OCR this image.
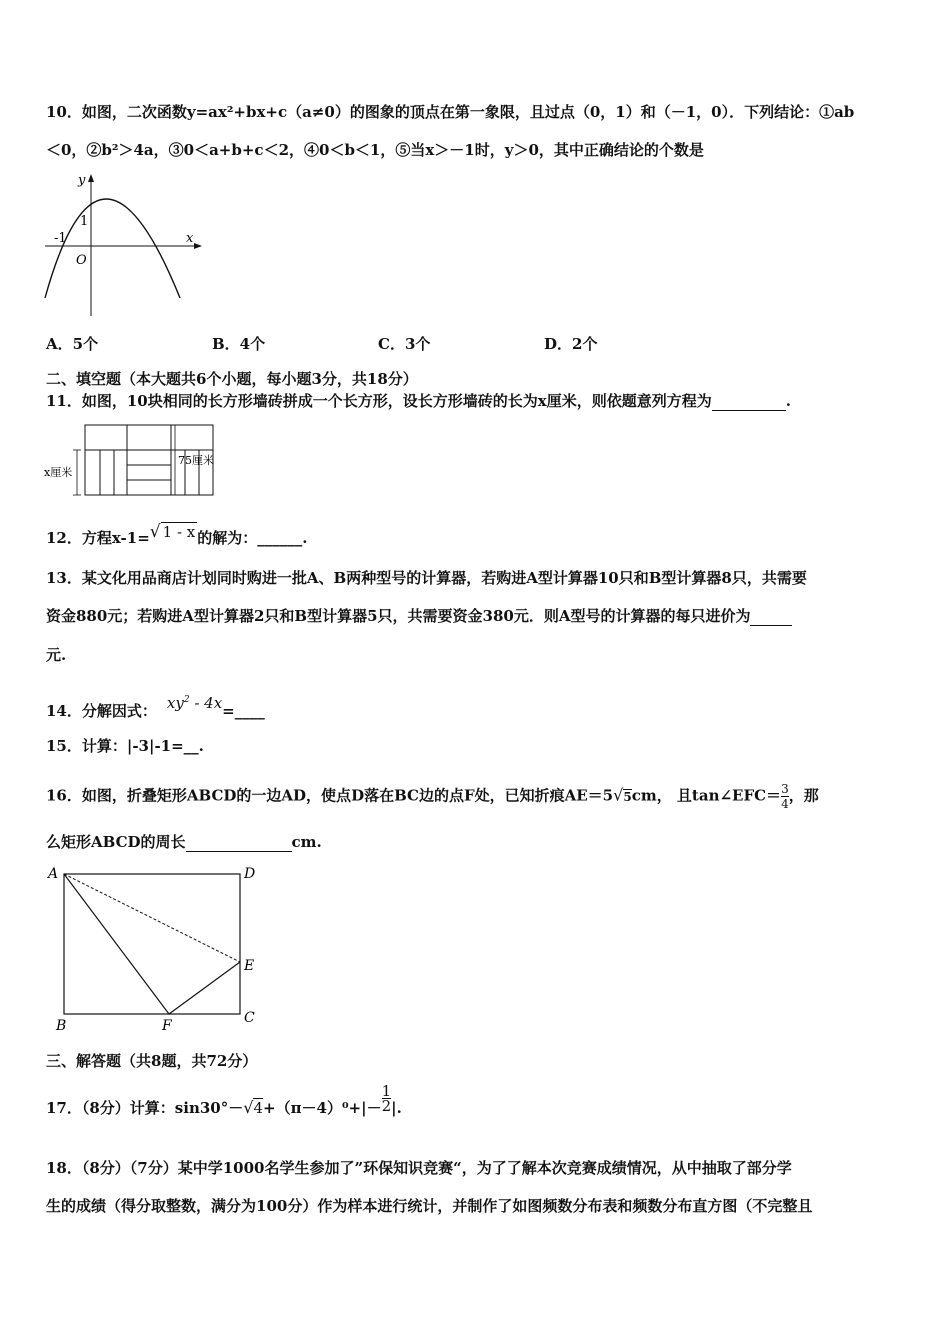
10．如图，二次函数y=ax²+bx+c（a≠0）的图象的顶点在第一象限，且过点（0，1）和（－1，0）．下列结论：①ab
＜0，②b²＞4a，③0＜a+b+c＜2，④0＜b＜1，⑤当x＞－1时，y＞0，其中正确结论的个数是
y
x
O
1
-1
A．5个	B．4个	C．3个	D．2个
二、填空题（本大题共6个小题，每小题3分，共18分）
11．如图，10块相同的长方形墙砖拼成一个长方形，设长方形墙砖的长为x厘米，则依题意列方程为	.
75厘米
x厘米
12．方程x-1=√ 1 - x 的解为：______.
13．某文化用品商店计划同时购进一批A、B两种型号的计算器，若购进A型计算器10只和B型计算器8只，共需要
资金880元；若购进A型计算器2只和B型计算器5只，共需要资金380元．则A型号的计算器的每只进价为
元.
14．分解因式： $xy^2$ - 4x=____
15．计算：|-3|-1=__.
16．如图，折叠矩形ABCD的一边AD，使点D落在BC边的点F处，已知折痕AE＝5√5cm， 且tan∠EFC＝ $\frac{3}{4}$ ，那
么矩形ABCD的周长	cm.
A	D
E
C
B	F
三、解答题（共8题，共72分）
17．（8分）计算：$\sin 30^\circ-√4+(\pi-4)^0+|- \frac{1}{2}$ |.
18．（8分）（7分）某中学1000名学生参加了”环保知识竞赛“，为了了解本次竞赛成绩情况，从中抽取了部分学
生的成绩（得分取整数，满分为100分）作为样本进行统计，并制作了如图频数分布表和频数分布直方图（不完整且
